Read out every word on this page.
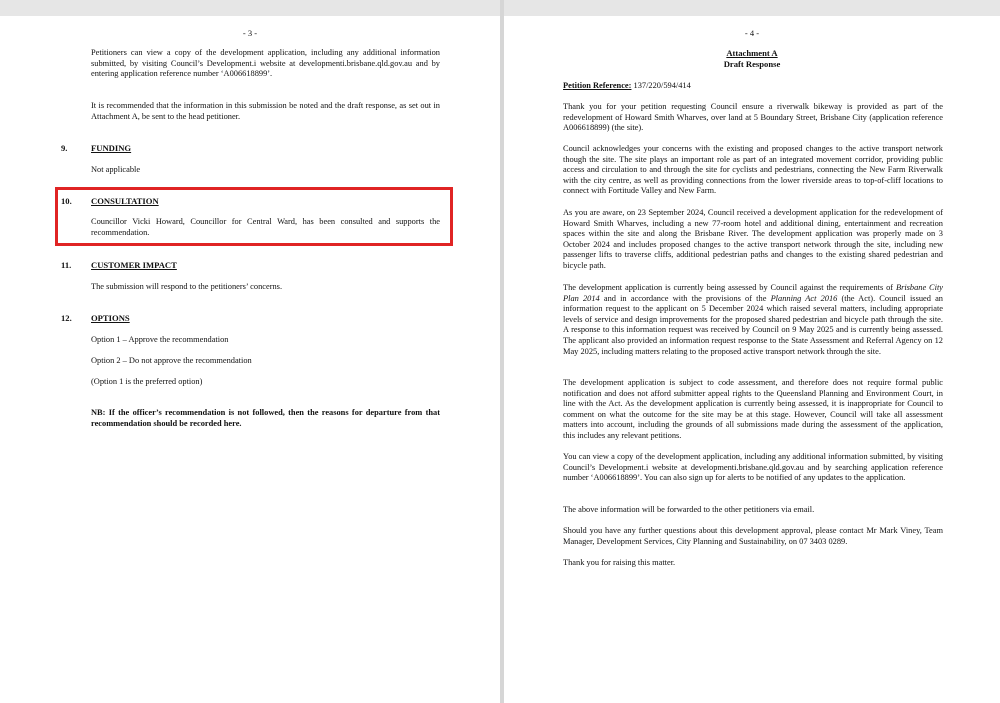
- 3 -

Petitioners can view a copy of the development application, including any additional information submitted, by visiting Council’s Development.i website at developmenti.brisbane.qld.gov.au and by entering application reference number ‘A006618899’.

It is recommended that the information in this submission be noted and the draft response, as set out in Attachment A, be sent to the head petitioner.

9.	FUNDING

Not applicable

10. CONSULTATION

Councillor Vicki Howard, Councillor for Central Ward, has been consulted and supports the recommendation.

11. CUSTOMER IMPACT

The submission will respond to the petitioners’ concerns.

12. OPTIONS

Option 1 – Approve the recommendation

Option 2 – Do not approve the recommendation

(Option 1 is the preferred option)

NB: If the officer’s recommendation is not followed, then the reasons for departure from that recommendation should be recorded here.

- 4 -
Attachment A
Draft Response

Petition Reference: 137/220/594/414

Thank you for your petition requesting Council ensure a riverwalk bikeway is provided as part of the redevelopment of Howard Smith Wharves, over land at 5 Boundary Street, Brisbane City (application reference A006618899) (the site).

Council acknowledges your concerns with the existing and proposed changes to the active transport network though the site. The site plays an important role as part of an integrated movement corridor, providing public access and circulation to and through the site for cyclists and pedestrians, connecting the New Farm Riverwalk with the city centre, as well as providing connections from the lower riverside areas to top-of-cliff locations to connect with Fortitude Valley and New Farm.

As you are aware, on 23 September 2024, Council received a development application for the redevelopment of Howard Smith Wharves, including a new 77-room hotel and additional dining, entertainment and recreation spaces within the site and along the Brisbane River. The development application was properly made on 3 October 2024 and includes proposed changes to the active transport network through the site, including new passenger lifts to traverse cliffs, additional pedestrian paths and changes to the existing shared pedestrian and bicycle path.

The development application is currently being assessed by Council against the requirements of Brisbane City Plan 2014 and in accordance with the provisions of the Planning Act 2016 (the Act). Council issued an information request to the applicant on 5 December 2024 which raised several matters, including appropriate levels of service and design improvements for the proposed shared pedestrian and bicycle path through the site. A response to this information request was received by Council on 9 May 2025 and is currently being assessed. The applicant also provided an information request response to the State Assessment and Referral Agency on 12 May 2025, including matters relating to the proposed active transport network through the site.

The development application is subject to code assessment, and therefore does not require formal public notification and does not afford submitter appeal rights to the Queensland Planning and Environment Court, in line with the Act. As the development application is currently being assessed, it is inappropriate for Council to comment on what the outcome for the site may be at this stage. However, Council will take all assessment matters into account, including the grounds of all submissions made during the assessment of the application, this includes any relevant petitions.

You can view a copy of the development application, including any additional information submitted, by visiting Council’s Development.i website at developmenti.brisbane.qld.gov.au and by searching application reference number ‘A006618899’. You can also sign up for alerts to be notified of any updates to the application.

The above information will be forwarded to the other petitioners via email.

Should you have any further questions about this development approval, please contact Mr Mark Viney, Team Manager, Development Services, City Planning and Sustainability, on 07 3403 0289.

Thank you for raising this matter.
